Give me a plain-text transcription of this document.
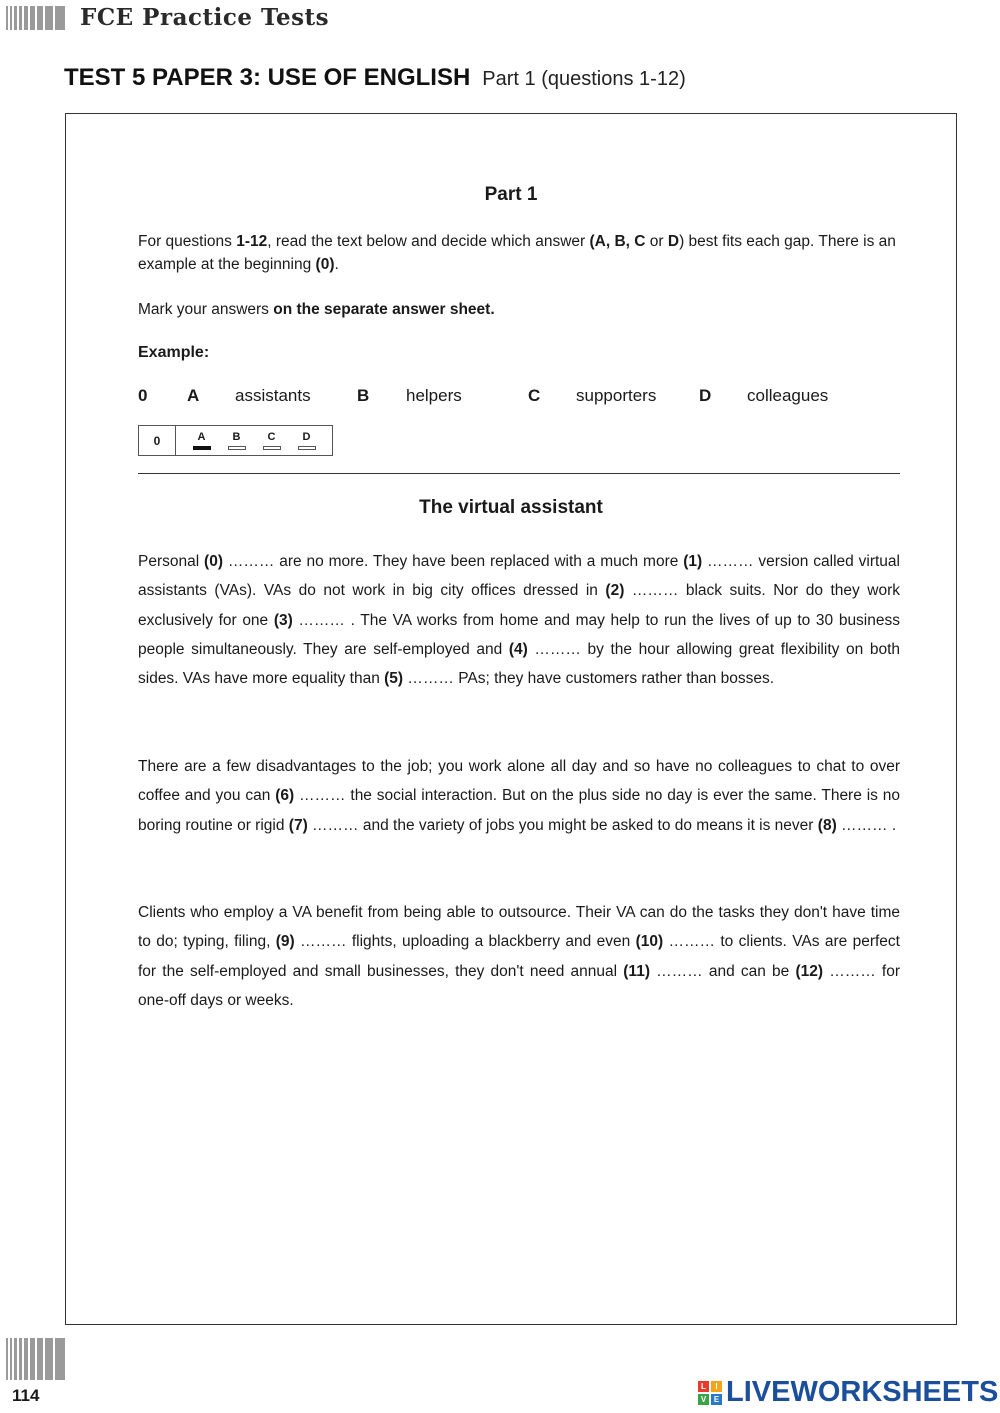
FCE Practice Tests
TEST 5 PAPER 3: USE OF ENGLISH Part 1 (questions 1-12)
Part 1
For questions 1-12, read the text below and decide which answer (A, B, C or D) best fits each gap. There is an example at the beginning (0).
Mark your answers on the separate answer sheet.
Example:
0 A assistants	B helpers	C supporters	D colleagues
0	A B C D
The virtual assistant
Personal (0) ……… are no more. They have been replaced with a much more (1) ……… version called virtual assistants (VAs). VAs do not work in big city offices dressed in (2) ……… black suits. Nor do they work exclusively for one (3) ……… . The VA works from home and may help to run the lives of up to 30 business people simultaneously. They are self-employed and (4) ……… by the hour allowing great flexibility on both sides. VAs have more equality than (5) ……… PAs; they have customers rather than bosses.
There are a few disadvantages to the job; you work alone all day and so have no colleagues to chat to over coffee and you can (6) ……… the social interaction. But on the plus side no day is ever the same. There is no boring routine or rigid (7) ……… and the variety of jobs you might be asked to do means it is never (8) ……… .
Clients who employ a VA benefit from being able to outsource. Their VA can do the tasks they don't have time to do; typing, filing, (9) ……… flights, uploading a blackberry and even (10) ……… to clients. VAs are perfect for the self-employed and small businesses, they don't need annual (11) ……… and can be (12) ……… for one-off days or weeks.
114	L	I
V E LIVEWORKSHEETS
